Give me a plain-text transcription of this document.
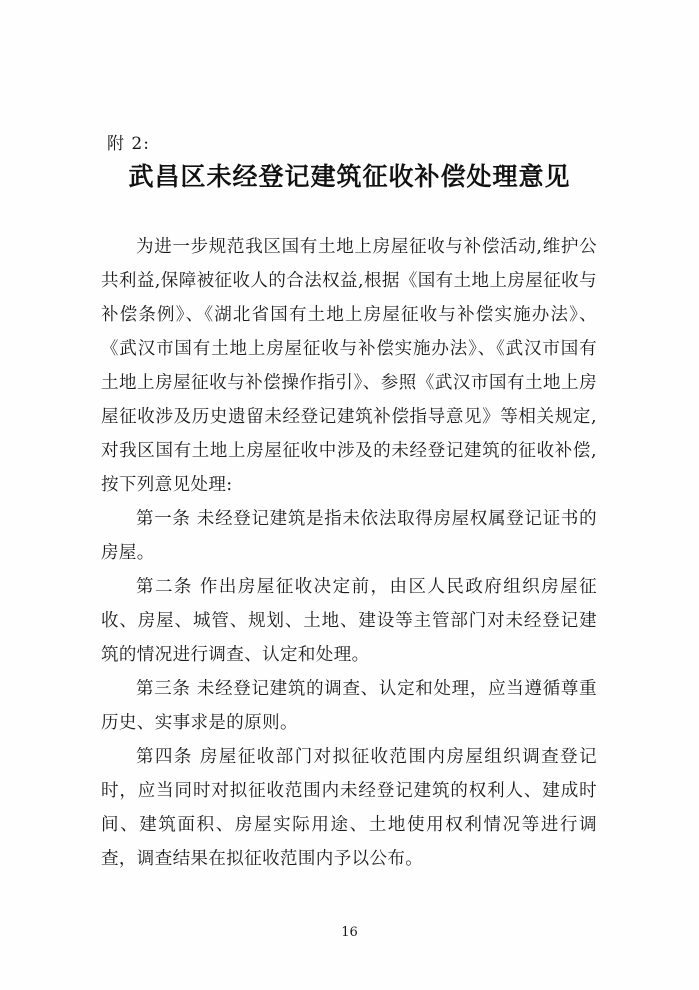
附 2:
武昌区未经登记建筑征收补偿处理意见

为进一步规范我区国有土地上房屋征收与补偿活动,维护公共利益,保障被征收人的合法权益,根据《国有土地上房屋征收与补偿条例》、《湖北省国有土地上房屋征收与补偿实施办法》、《武汉市国有土地上房屋征收与补偿实施办法》、《武汉市国有土地上房屋征收与补偿操作指引》、参照《武汉市国有土地上房屋征收涉及历史遗留未经登记建筑补偿指导意见》等相关规定,对我区国有土地上房屋征收中涉及的未经登记建筑的征收补偿,按下列意见处理:

第一条 未经登记建筑是指未依法取得房屋权属登记证书的房屋。

第二条 作出房屋征收决定前，由区人民政府组织房屋征收、房屋、城管、规划、土地、建设等主管部门对未经登记建筑的情况进行调查、认定和处理。

第三条 未经登记建筑的调查、认定和处理，应当遵循尊重历史、实事求是的原则。

第四条 房屋征收部门对拟征收范围内房屋组织调查登记时，应当同时对拟征收范围内未经登记建筑的权利人、建成时间、建筑面积、房屋实际用途、土地使用权利情况等进行调查，调查结果在拟征收范围内予以公布。

16
